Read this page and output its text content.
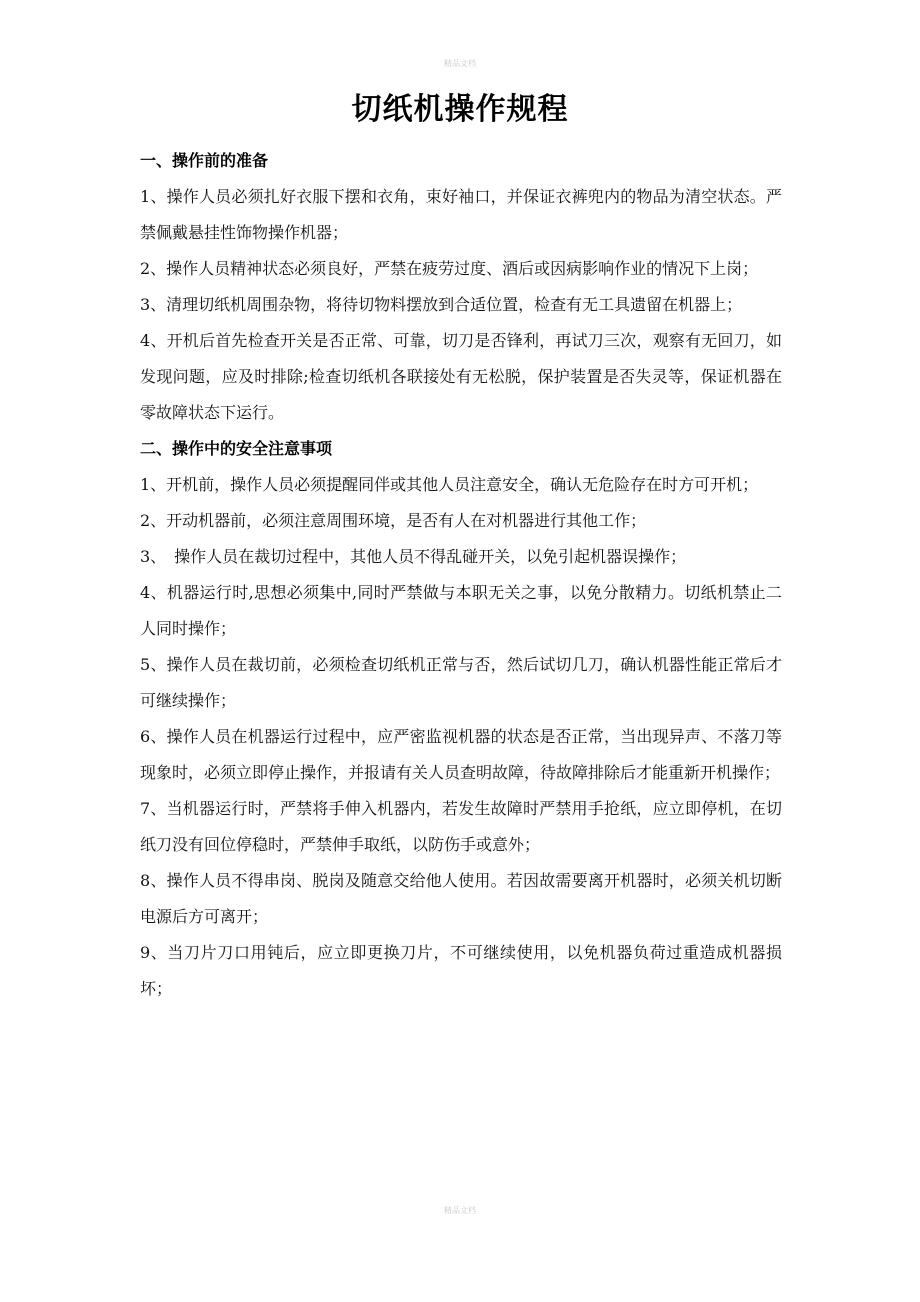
精品文档
切纸机操作规程

一、操作前的准备

1、操作人员必须扎好衣服下摆和衣角，束好袖口，并保证衣裤兜内的物品为清空状态。严禁佩戴悬挂性饰物操作机器；

2、操作人员精神状态必须良好，严禁在疲劳过度、酒后或因病影响作业的情况下上岗；

3、清理切纸机周围杂物，将待切物料摆放到合适位置，检查有无工具遗留在机器上；

4、开机后首先检查开关是否正常、可靠，切刀是否锋利，再试刀三次，观察有无回刀，如发现问题，应及时排除;检查切纸机各联接处有无松脱，保护装置是否失灵等，保证机器在零故障状态下运行。

二、操作中的安全注意事项

1、开机前，操作人员必须提醒同伴或其他人员注意安全，确认无危险存在时方可开机；

2、开动机器前，必须注意周围环境，是否有人在对机器进行其他工作；

3、　操作人员在裁切过程中，其他人员不得乱碰开关，以免引起机器误操作；

4、机器运行时,思想必须集中,同时严禁做与本职无关之事，以免分散精力。切纸机禁止二人同时操作；

5、操作人员在裁切前，必须检查切纸机正常与否，然后试切几刀，确认机器性能正常后才可继续操作；

6、操作人员在机器运行过程中，应严密监视机器的状态是否正常，当出现异声、不落刀等现象时，必须立即停止操作，并报请有关人员查明故障，待故障排除后才能重新开机操作；

7、当机器运行时，严禁将手伸入机器内，若发生故障时严禁用手抢纸，应立即停机，在切纸刀没有回位停稳时，严禁伸手取纸，以防伤手或意外；

8、操作人员不得串岗、脱岗及随意交给他人使用。若因故需要离开机器时，必须关机切断电源后方可离开；

9、当刀片刀口用钝后，应立即更换刀片，不可继续使用，以免机器负荷过重造成机器损坏；

精品文档
